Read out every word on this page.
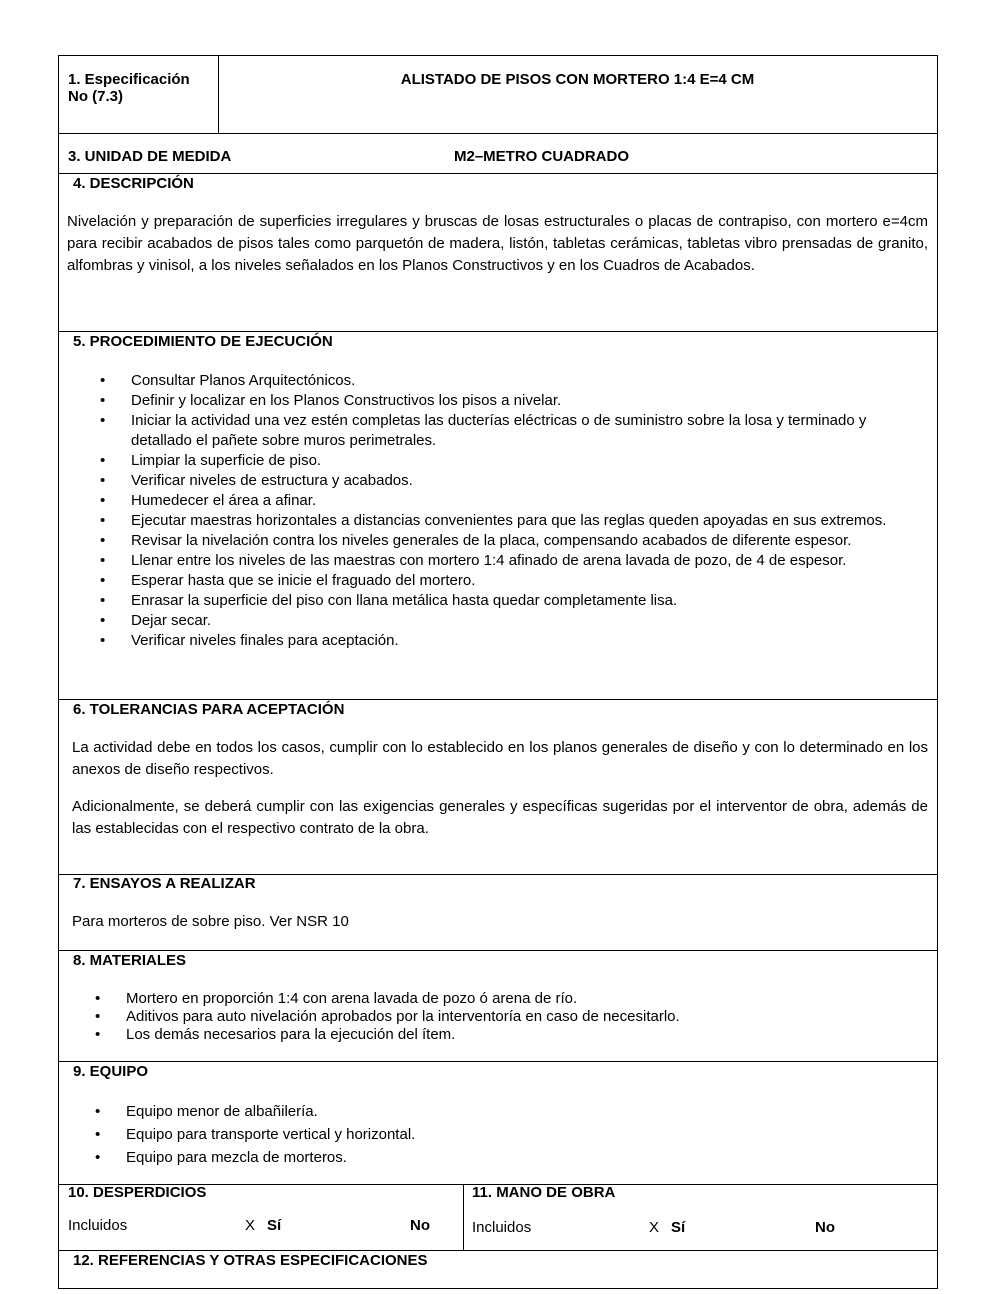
1. Especificación No (7.3)
ALISTADO DE PISOS CON MORTERO 1:4 E=4 CM
3. UNIDAD DE MEDIDA	M2–METRO CUADRADO
4. DESCRIPCIÓN
Nivelación y preparación de superficies irregulares y bruscas de losas estructurales o placas de contrapiso, con mortero e=4cm para recibir acabados de pisos tales como parquetón de madera, listón, tabletas cerámicas, tabletas vibro prensadas de granito, alfombras y vinisol, a los niveles señalados en los Planos Constructivos y en los Cuadros de Acabados.
5. PROCEDIMIENTO DE EJECUCIÓN
• Consultar Planos Arquitectónicos.
• Definir y localizar en los Planos Constructivos los pisos a nivelar.
• Iniciar la actividad una vez estén completas las ducterías eléctricas o de suministro sobre la losa y terminado y detallado el pañete sobre muros perimetrales.
• Limpiar la superficie de piso.
• Verificar niveles de estructura y acabados.
• Humedecer el área a afinar.
• Ejecutar maestras horizontales a distancias convenientes para que las reglas queden apoyadas en sus extremos.
• Revisar la nivelación contra los niveles generales de la placa, compensando acabados de diferente espesor.
• Llenar entre los niveles de las maestras con mortero 1:4 afinado de arena lavada de pozo, de 4 de espesor.
• Esperar hasta que se inicie el fraguado del mortero.
• Enrasar la superficie del piso con llana metálica hasta quedar completamente lisa.
• Dejar secar.
• Verificar niveles finales para aceptación.
6. TOLERANCIAS PARA ACEPTACIÓN
La actividad debe en todos los casos, cumplir con lo establecido en los planos generales de diseño y con lo determinado en los anexos de diseño respectivos.
Adicionalmente, se deberá cumplir con las exigencias generales y específicas sugeridas por el interventor de obra, además de las establecidas con el respectivo contrato de la obra.
7. ENSAYOS A REALIZAR
Para morteros de sobre piso. Ver NSR 10
8. MATERIALES
• Mortero en proporción 1:4 con arena lavada de pozo ó arena de río.
• Aditivos para auto nivelación aprobados por la interventoría en caso de necesitarlo.
• Los demás necesarios para la ejecución del ítem.
9. EQUIPO
• Equipo menor de albañilería.
• Equipo para transporte vertical y horizontal.
• Equipo para mezcla de morteros.
10. DESPERDICIOS
Incluidos	X Sí	No
11. MANO DE OBRA
Incluidos	X Sí	No
12. REFERENCIAS Y OTRAS ESPECIFICACIONES
